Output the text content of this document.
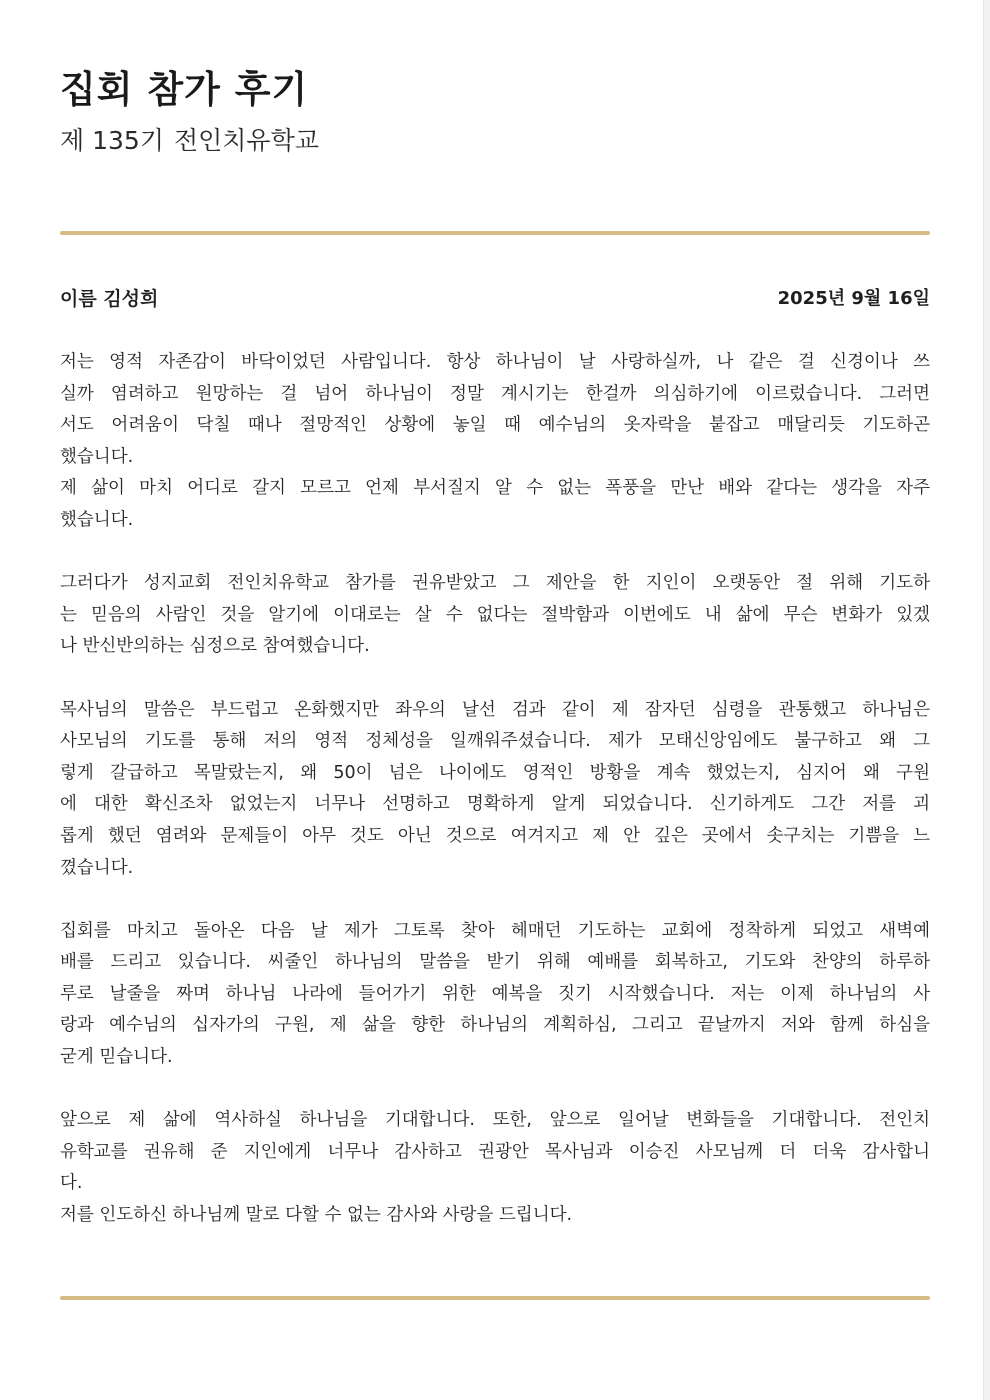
집회 참가 후기
제 135기 전인치유학교
이름 김성희	2025년 9월 16일
저는 영적 자존감이 바닥이었던 사람입니다. 항상 하나님이 날 사랑하실까, 나 같은 걸 신경이나 쓰
실까 염려하고 원망하는 걸 넘어 하나님이 정말 계시기는 한걸까 의심하기에 이르렀습니다. 그러면
서도 어려움이 닥칠 때나 절망적인 상황에 놓일 때 예수님의 옷자락을 붙잡고 매달리듯 기도하곤
했습니다.
제 삶이 마치 어디로 갈지 모르고 언제 부서질지 알 수 없는 폭풍을 만난 배와 같다는 생각을 자주
했습니다.
그러다가 성지교회 전인치유학교 참가를 권유받았고 그 제안을 한 지인이 오랫동안 절 위해 기도하
는 믿음의 사람인 것을 알기에 이대로는 살 수 없다는 절박함과 이번에도 내 삶에 무슨 변화가 있겠
나 반신반의하는 심정으로 참여했습니다.
목사님의 말씀은 부드럽고 온화했지만 좌우의 날선 검과 같이 제 잠자던 심령을 관통했고 하나님은
사모님의 기도를 통해 저의 영적 정체성을 일깨워주셨습니다. 제가 모태신앙임에도 불구하고 왜 그
렇게 갈급하고 목말랐는지, 왜 50이 넘은 나이에도 영적인 방황을 계속 했었는지, 심지어 왜 구원
에 대한 확신조차 없었는지 너무나 선명하고 명확하게 알게 되었습니다. 신기하게도 그간 저를 괴
롭게 했던 염려와 문제들이 아무 것도 아닌 것으로 여겨지고 제 안 깊은 곳에서 솟구치는 기쁨을 느
꼈습니다.
집회를 마치고 돌아온 다음 날 제가 그토록 찾아 헤매던 기도하는 교회에 정착하게 되었고 새벽예
배를 드리고 있습니다. 씨줄인 하나님의 말씀을 받기 위해 예배를 회복하고, 기도와 찬양의 하루하
루로 날줄을 짜며 하나님 나라에 들어가기 위한 예복을 짓기 시작했습니다. 저는 이제 하나님의 사
랑과 예수님의 십자가의 구원, 제 삶을 향한 하나님의 계획하심, 그리고 끝날까지 저와 함께 하심을
굳게 믿습니다.
앞으로 제 삶에 역사하실 하나님을 기대합니다. 또한, 앞으로 일어날 변화들을 기대합니다. 전인치
유학교를 권유해 준 지인에게 너무나 감사하고 권광안 목사님과 이승진 사모님께 더 더욱 감사합니
다.
저를 인도하신 하나님께 말로 다할 수 없는 감사와 사랑을 드립니다.
